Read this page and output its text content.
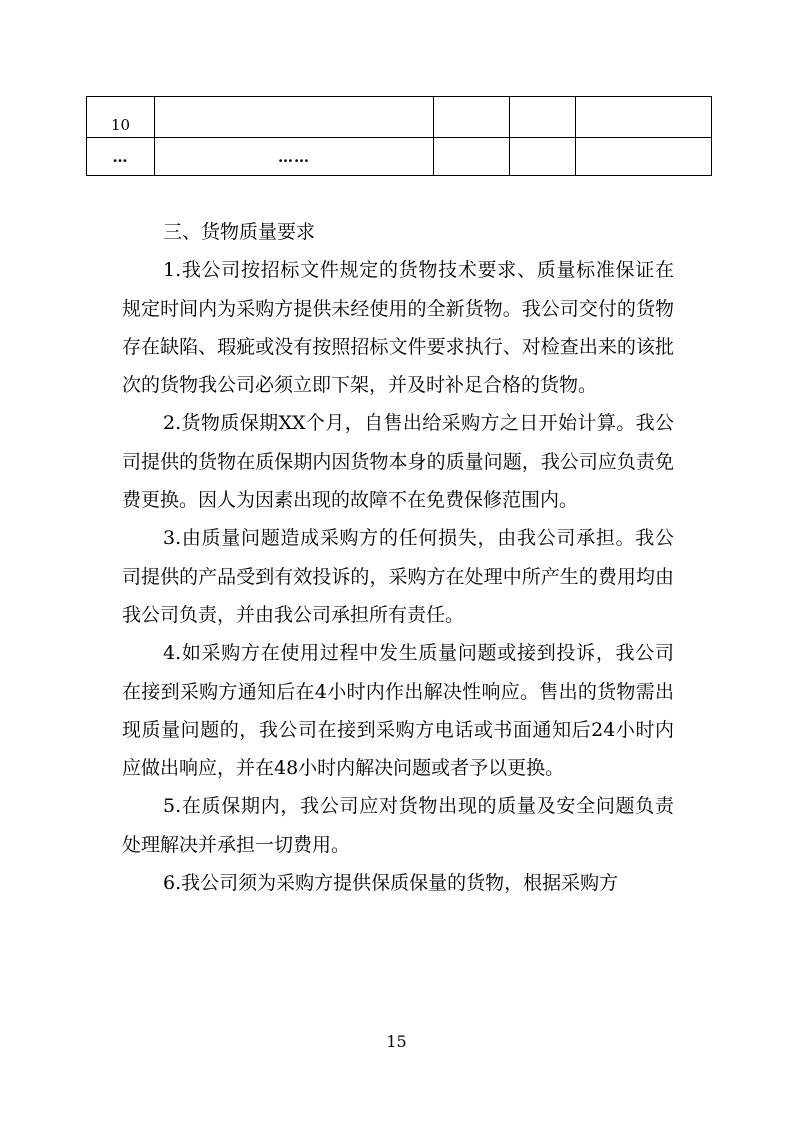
10				
…	……			

三、货物质量要求

1.我公司按招标文件规定的货物技术要求、质量标准保证在规定时间内为采购方提供未经使用的全新货物。我公司交付的货物存在缺陷、瑕疵或没有按照招标文件要求执行、对检查出来的该批次的货物我公司必须立即下架，并及时补足合格的货物。

2.货物质保期XX个月，自售出给采购方之日开始计算。我公司提供的货物在质保期内因货物本身的质量问题，我公司应负责免费更换。因人为因素出现的故障不在免费保修范围内。

3.由质量问题造成采购方的任何损失，由我公司承担。我公司提供的产品受到有效投诉的，采购方在处理中所产生的费用均由我公司负责，并由我公司承担所有责任。

4.如采购方在使用过程中发生质量问题或接到投诉，我公司在接到采购方通知后在4小时内作出解决性响应。售出的货物需出现质量问题的，我公司在接到采购方电话或书面通知后24小时内应做出响应，并在48小时内解决问题或者予以更换。

5.在质保期内，我公司应对货物出现的质量及安全问题负责处理解决并承担一切费用。

6.我公司须为采购方提供保质保量的货物，根据采购方

15
